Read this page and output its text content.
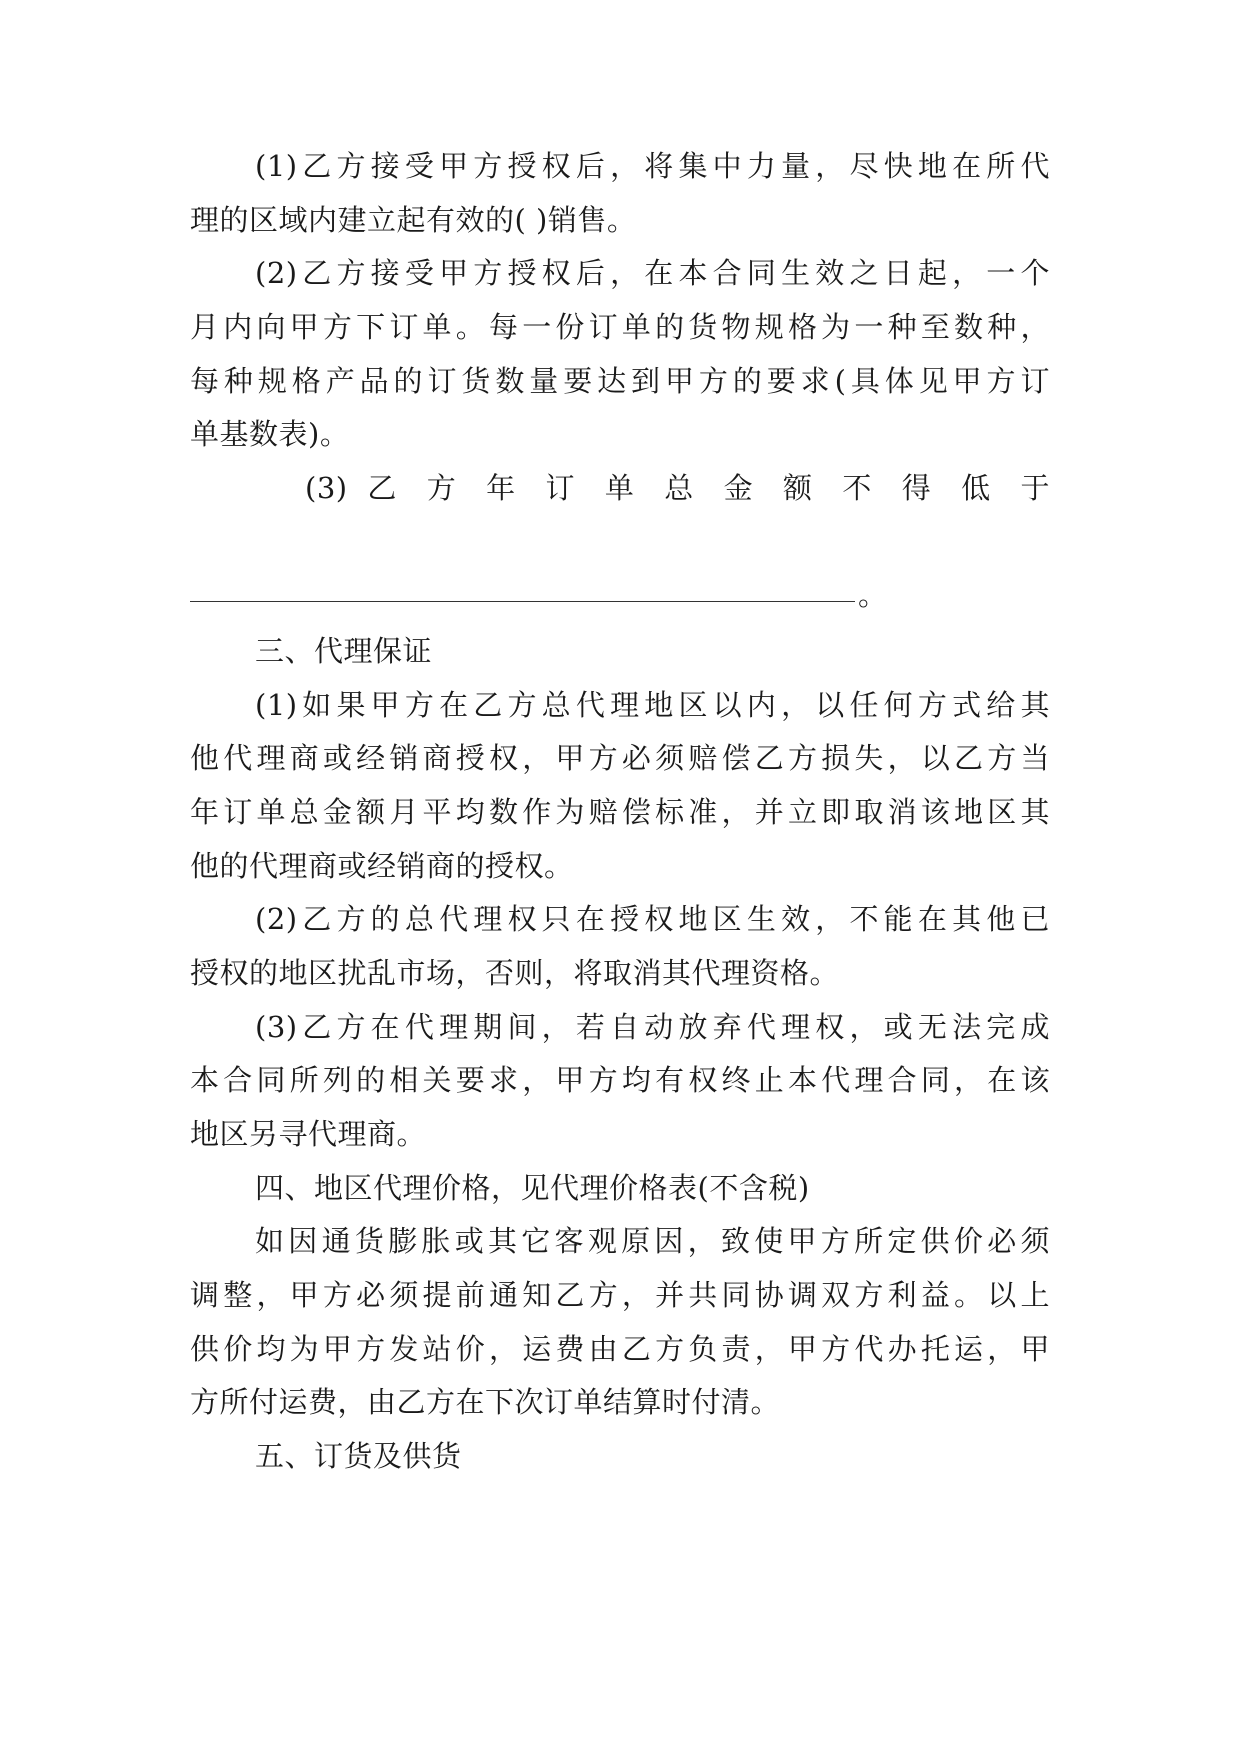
(1)乙方接受甲方授权后，将集中力量，尽快地在所代
理的区域内建立起有效的( )销售。
(2)乙方接受甲方授权后，在本合同生效之日起，一个
月内向甲方下订单。每一份订单的货物规格为一种至数种，
每种规格产品的订货数量要达到甲方的要求(具体见甲方订
单基数表)。
(3) 乙 方 年 订 单 总 金 额 不 得 低 于
。
三、代理保证
(1)如果甲方在乙方总代理地区以内，以任何方式给其
他代理商或经销商授权，甲方必须赔偿乙方损失，以乙方当
年订单总金额月平均数作为赔偿标准，并立即取消该地区其
他的代理商或经销商的授权。
(2)乙方的总代理权只在授权地区生效，不能在其他已
授权的地区扰乱市场，否则，将取消其代理资格。
(3)乙方在代理期间，若自动放弃代理权，或无法完成
本合同所列的相关要求，甲方均有权终止本代理合同，在该
地区另寻代理商。
四、地区代理价格，见代理价格表(不含税)
如因通货膨胀或其它客观原因，致使甲方所定供价必须
调整，甲方必须提前通知乙方，并共同协调双方利益。以上
供价均为甲方发站价，运费由乙方负责，甲方代办托运，甲
方所付运费，由乙方在下次订单结算时付清。
五、订货及供货
